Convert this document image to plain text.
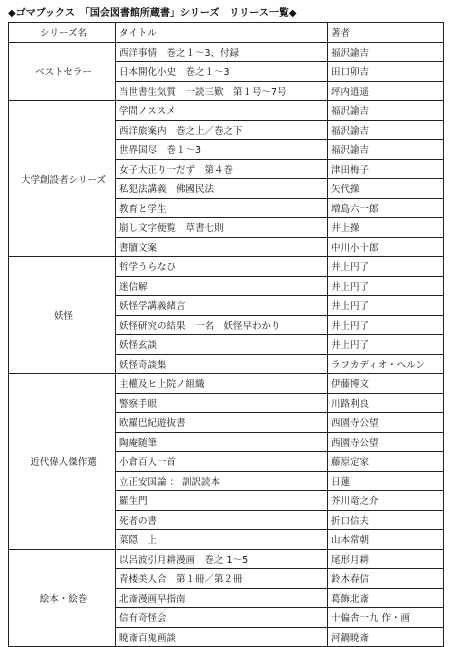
◆ゴマブックス　「国会図書館所蔵書」シリーズ　リリース一覧◆
シリーズ名	タイトル	著者
ベストセラー	西洋事情　巻之１～3、付録	福沢諭吉
	日本開化小史　巻之１～3	田口卯吉
	当世書生気質　一読三歎　第１号～7号	坪内逍遥
大学創設者シリーズ	学問ノススメ	福沢諭吉
	西洋旅案内　巻之上／巻之下	福沢諭吉
	世界国尽　巻１～3	福沢諭吉
	女子大正り一だず　第４巻	津田梅子
	私犯法講義　佛國民法	矢代操
	教育と学生	増島六一郎
	崩し文字便覧　草書七則	井上操
	書牘文案	中川小十郎
妖怪	哲学うらなひ	井上円了
	迷信解	井上円了
	妖怪学講義緒言	井上円了
	妖怪研究の結果　一名　妖怪早わかり	井上円了
	妖怪玄談	井上円了
	妖怪奇談集	ラフカディオ・ヘルン
近代偉人傑作選	主權及ヒ上院ノ組織	伊藤博文
	警察手眼	川路利良
	欧羅巴紀遊抜書	西園寺公望
	陶庵随筆	西園寺公望
	小倉百人一首	藤原定家
	立正安国論 ： 訓訳読本	日蓮
	羅生門	芥川竜之介
	死者の書	折口信夫
	菜隠　上	山本常朝
絵本・絵巻	以呂波引月耕漫画　巻之 1～5	尾形月耕
	青楼美人合　第１冊／第２冊	鈴木春信
	北斎漫画早指南	葛飾北斎
	信有奇怪会	十偏舎一九 作・画
	暁斎百鬼画談	河鍋暁斎
